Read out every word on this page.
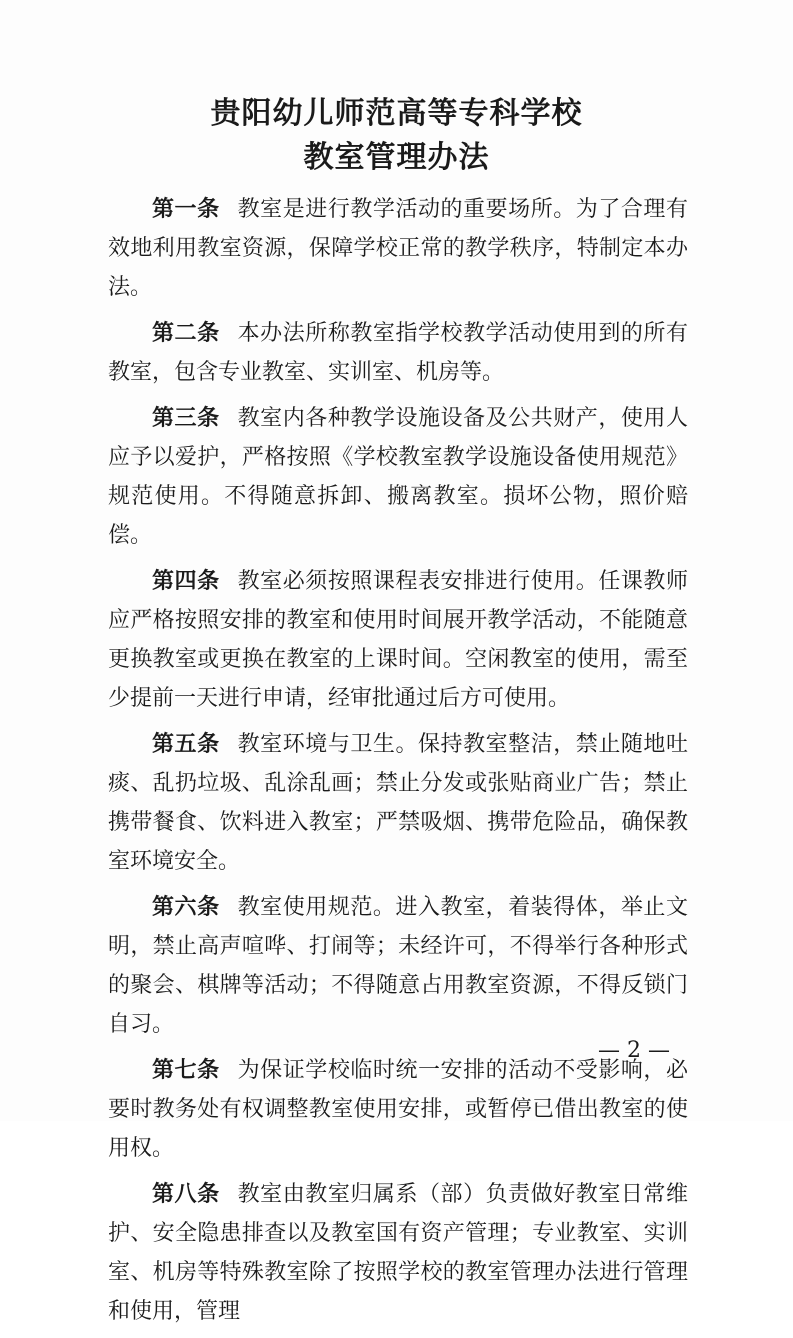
贵阳幼儿师范高等专科学校
教室管理办法

第一条 教室是进行教学活动的重要场所。为了合理有效地利用教室资源，保障学校正常的教学秩序，特制定本办法。

第二条 本办法所称教室指学校教学活动使用到的所有教室，包含专业教室、实训室、机房等。

第三条 教室内各种教学设施设备及公共财产，使用人应予以爱护，严格按照《学校教室教学设施设备使用规范》规范使用。不得随意拆卸、搬离教室。损坏公物，照价赔偿。

第四条 教室必须按照课程表安排进行使用。任课教师应严格按照安排的教室和使用时间展开教学活动，不能随意更换教室或更换在教室的上课时间。空闲教室的使用，需至少提前一天进行申请，经审批通过后方可使用。

第五条 教室环境与卫生。保持教室整洁，禁止随地吐痰、乱扔垃圾、乱涂乱画；禁止分发或张贴商业广告；禁止携带餐食、饮料进入教室；严禁吸烟、携带危险品，确保教室环境安全。

第六条 教室使用规范。进入教室，着装得体，举止文明，禁止高声喧哗、打闹等；未经许可，不得举行各种形式的聚会、棋牌等活动；不得随意占用教室资源，不得反锁门自习。

第七条 为保证学校临时统一安排的活动不受影响，必要时教务处有权调整教室使用安排，或暂停已借出教室的使用权。

第八条 教室由教室归属系（部）负责做好教室日常维护、安全隐患排查以及教室国有资产管理；专业教室、实训室、机房等特殊教室除了按照学校的教室管理办法进行管理和使用，管理

— 2 —
